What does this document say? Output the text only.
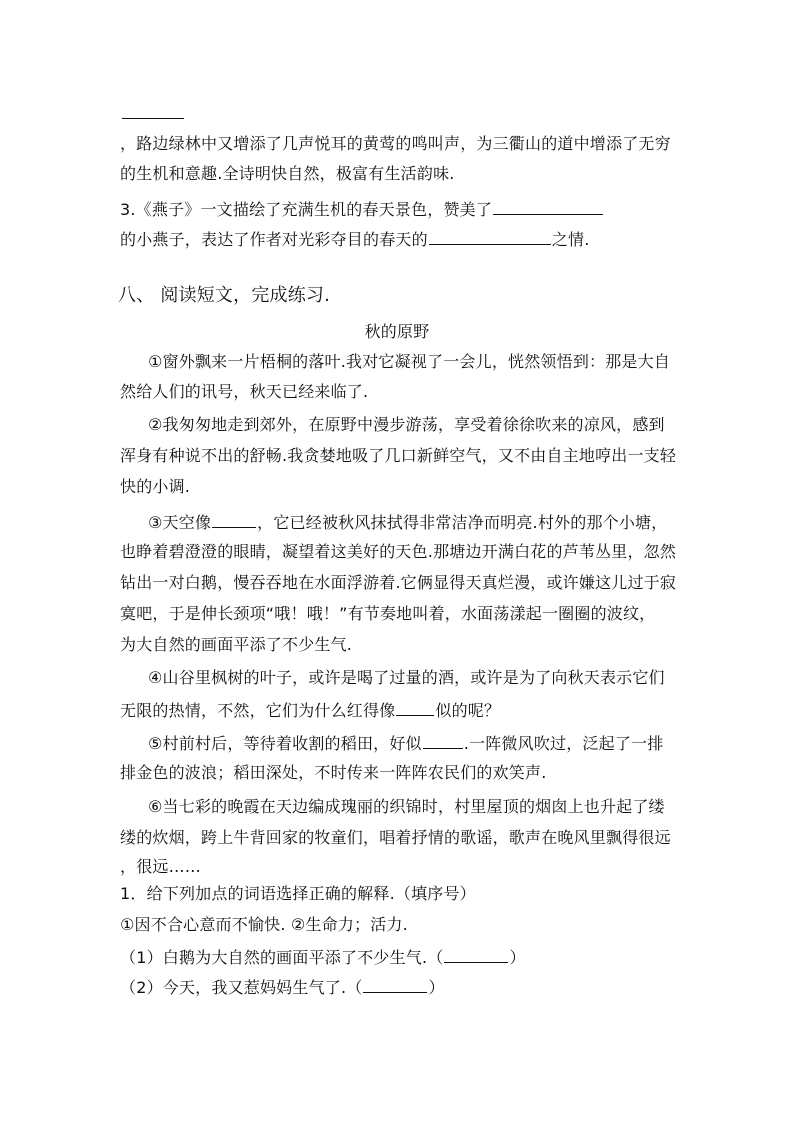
，路边绿林中又增添了几声悦耳的黄莺的鸣叫声，为三衢山的道中增添了无穷
的生机和意趣.全诗明快自然，极富有生活韵味.
3.《燕子》一文描绘了充满生机的春天景色，赞美了
的小燕子，表达了作者对光彩夺目的春天的	之情.
八、 阅读短文，完成练习.
秋的原野
①窗外飘来一片梧桐的落叶.我对它凝视了一会儿，恍然领悟到：那是大自
然给人们的讯号，秋天已经来临了.
②我匆匆地走到郊外，在原野中漫步游荡，享受着徐徐吹来的凉风，感到
浑身有种说不出的舒畅.我贪婪地吸了几口新鲜空气，又不由自主地哼出一支轻
快的小调.
③天空像	，它已经被秋风抹拭得非常洁净而明亮.村外的那个小塘，
也睁着碧澄澄的眼睛，凝望着这美好的天色.那塘边开满白花的芦苇丛里，忽然
钻出一对白鹅，慢吞吞地在水面浮游着.它俩显得天真烂漫，或许嫌这儿过于寂
寞吧，于是伸长颈项“哦！哦！”有节奏地叫着，水面荡漾起一圈圈的波纹，
为大自然的画面平添了不少生气.
④山谷里枫树的叶子，或许是喝了过量的酒，或许是为了向秋天表示它们
无限的热情，不然，它们为什么红得像	似的呢？
⑤村前村后，等待着收割的稻田，好似	.一阵微风吹过，泛起了一排
排金色的波浪；稻田深处，不时传来一阵阵农民们的欢笑声.
⑥当七彩的晚霞在天边编成瑰丽的织锦时，村里屋顶的烟囱上也升起了缕
缕的炊烟，跨上牛背回家的牧童们，唱着抒情的歌谣，歌声在晚风里飘得很远
，很远……
1．给下列加点的词语选择正确的解释.（填序号）
①因不合心意而不愉快. ②生命力；活力.
（1）白鹅为大自然的画面平添了不少生气.（	）
（2）今天，我又惹妈妈生气了.（	）
